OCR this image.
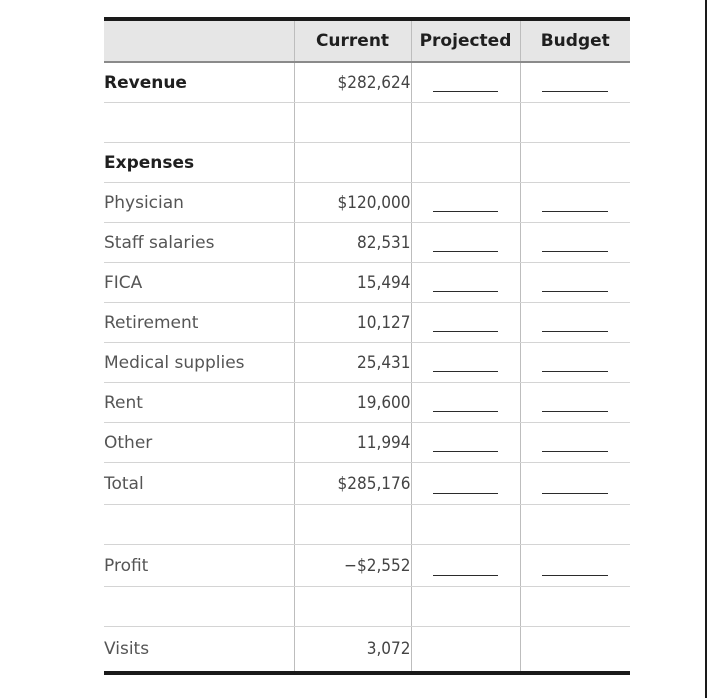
	Current	Projected	Budget
Revenue	$282,624	

Expenses			
Physician	$120,000	

Staff salaries	82,531	

FICA	15,494	

Retirement	10,127	

Medical supplies	25,431	

Rent	19,600	

Other	11,994	

Total	$285,176	

Profit	−$2,552	

Visits	3,072		
